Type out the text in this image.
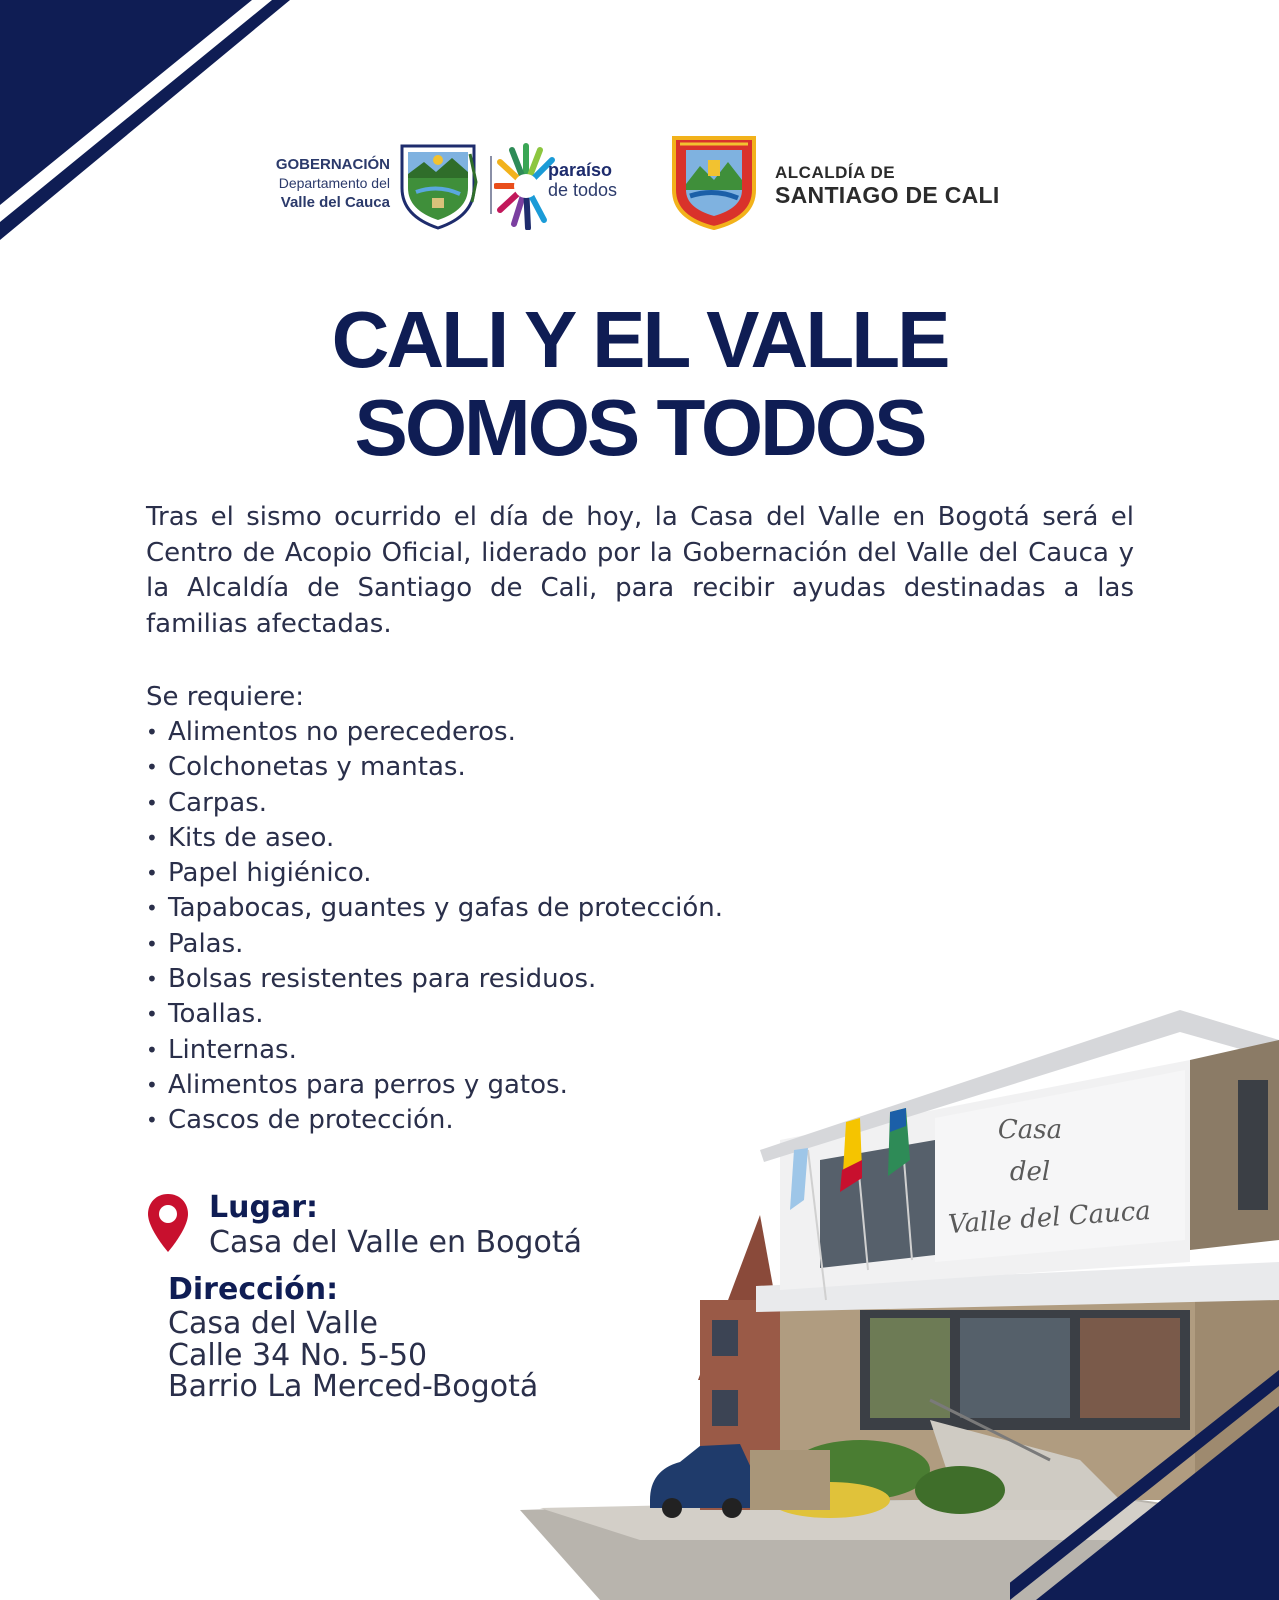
GOBERNACIÓN
Departamento del
Valle del Cauca
paraíso
de todos
ALCALDÍA DE
SANTIAGO DE CALI
CALI Y EL VALLE
SOMOS TODOS
Tras el sismo ocurrido el día de hoy, la Casa del Valle en Bogotá será el Centro de Acopio Oficial, liderado por la Gobernación del Valle del Cauca y la Alcaldía de Santiago de Cali, para recibir ayudas destinadas a las familias afectadas.
Se requiere:
• Alimentos no perecederos.
• Colchonetas y mantas.
• Carpas.
• Kits de aseo.
• Papel higiénico.
• Tapabocas, guantes y gafas de protección.
• Palas.
• Bolsas resistentes para residuos.
• Toallas.
• Linternas.
• Alimentos para perros y gatos.
• Cascos de protección.
Lugar:
Casa del Valle en Bogotá
Dirección:
Casa del Valle
Calle 34 No. 5-50
Barrio La Merced-Bogotá
Casa
del
Valle del Cauca
